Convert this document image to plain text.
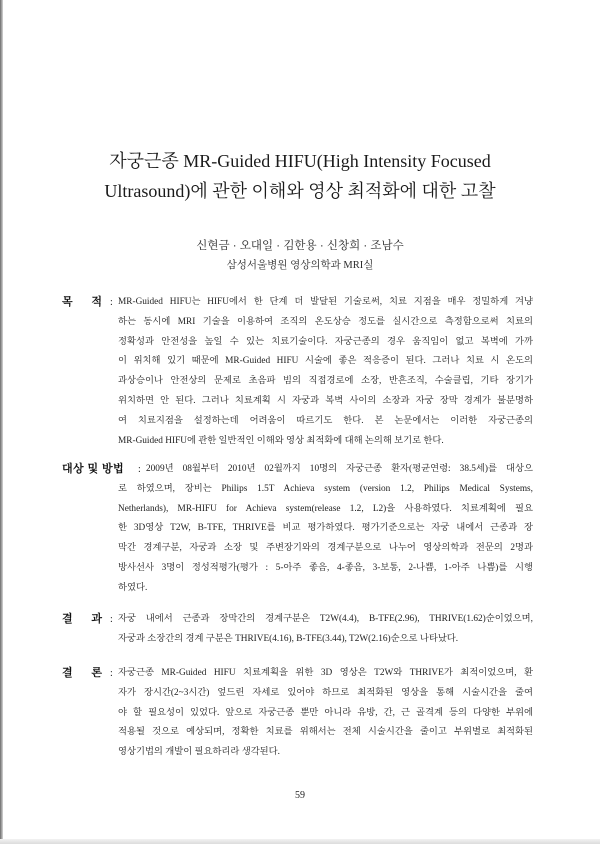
자궁근종 MR-Guided HIFU(High Intensity Focused
Ultrasound)에 관한 이해와 영상 최적화에 대한 고찰
신현금 · 오대일 · 김한용 · 신창희 · 조남수
삼성서울병원 영상의학과 MRI실
목 적 : MR-Guided HIFU는 HIFU에서 한 단계 더 발달된 기술로써, 치료 지점을 매우 정밀하게 겨냥
하는 동시에 MRI 기술을 이용하여 조직의 온도상승 정도를 실시간으로 측정함으로써 치료의
정확성과 안전성을 높일 수 있는 치료기술이다. 자궁근종의 경우 움직임이 없고 복벽에 가까
이 위치해 있기 때문에 MR-Guided HIFU 시술에 좋은 적응증이 된다. 그러나 치료 시 온도의
과상승이나 안전상의 문제로 초음파 빔의 직접경로에 소장, 반흔조직, 수술클립, 기타 장기가
위치하면 안 된다. 그러나 치료계획 시 자궁과 복벽 사이의 소장과 자궁 장막 경계가 불분명하
여 치료지점을 설정하는데 어려움이 따르기도 한다. 본 논문에서는 이러한 자궁근종의
MR-Guided HIFU에 관한 일반적인 이해와 영상 최적화에 대해 논의해 보기로 한다.
대상 및 방법 : 2009년 08월부터 2010년 02월까지 10명의 자궁근종 환자(평균연령: 38.5세)를 대상으
로 하였으며, 장비는 Philips 1.5T Achieva system (version 1.2, Philips Medical Systems,
Netherlands), MR-HIFU for Achieva system(release 1.2, L2)을 사용하였다. 치료계획에 필요
한 3D영상 T2W, B-TFE, THRIVE를 비교 평가하였다. 평가기준으로는 자궁 내에서 근종과 장
막간 경계구분, 자궁과 소장 및 주변장기와의 경계구분으로 나누어 영상의학과 전문의 2명과
방사선사 3명이 정성적평가(평가 : 5-아주 좋음, 4-좋음, 3-보통, 2-나쁨, 1-아주 나쁨)를 시행
하였다.
결 과 : 자궁 내에서 근종과 장막간의 경계구분은 T2W(4.4), B-TFE(2.96), THRIVE(1.62)순이었으며,
자궁과 소장간의 경계 구분은 THRIVE(4.16), B-TFE(3.44), T2W(2.16)순으로 나타났다.
결 론 : 자궁근종 MR-Guided HIFU 치료계획을 위한 3D 영상은 T2W와 THRIVE가 최적이었으며, 환
자가 장시간(2~3시간) 엎드린 자세로 있어야 하므로 최적화된 영상을 통해 시술시간을 줄여
야 할 필요성이 있었다. 앞으로 자궁근종 뿐만 아니라 유방, 간, 근 골격계 등의 다양한 부위에
적용될 것으로 예상되며, 정확한 치료를 위해서는 전체 시술시간을 줄이고 부위별로 최적화된
영상기법의 개발이 필요하리라 생각된다.
59
